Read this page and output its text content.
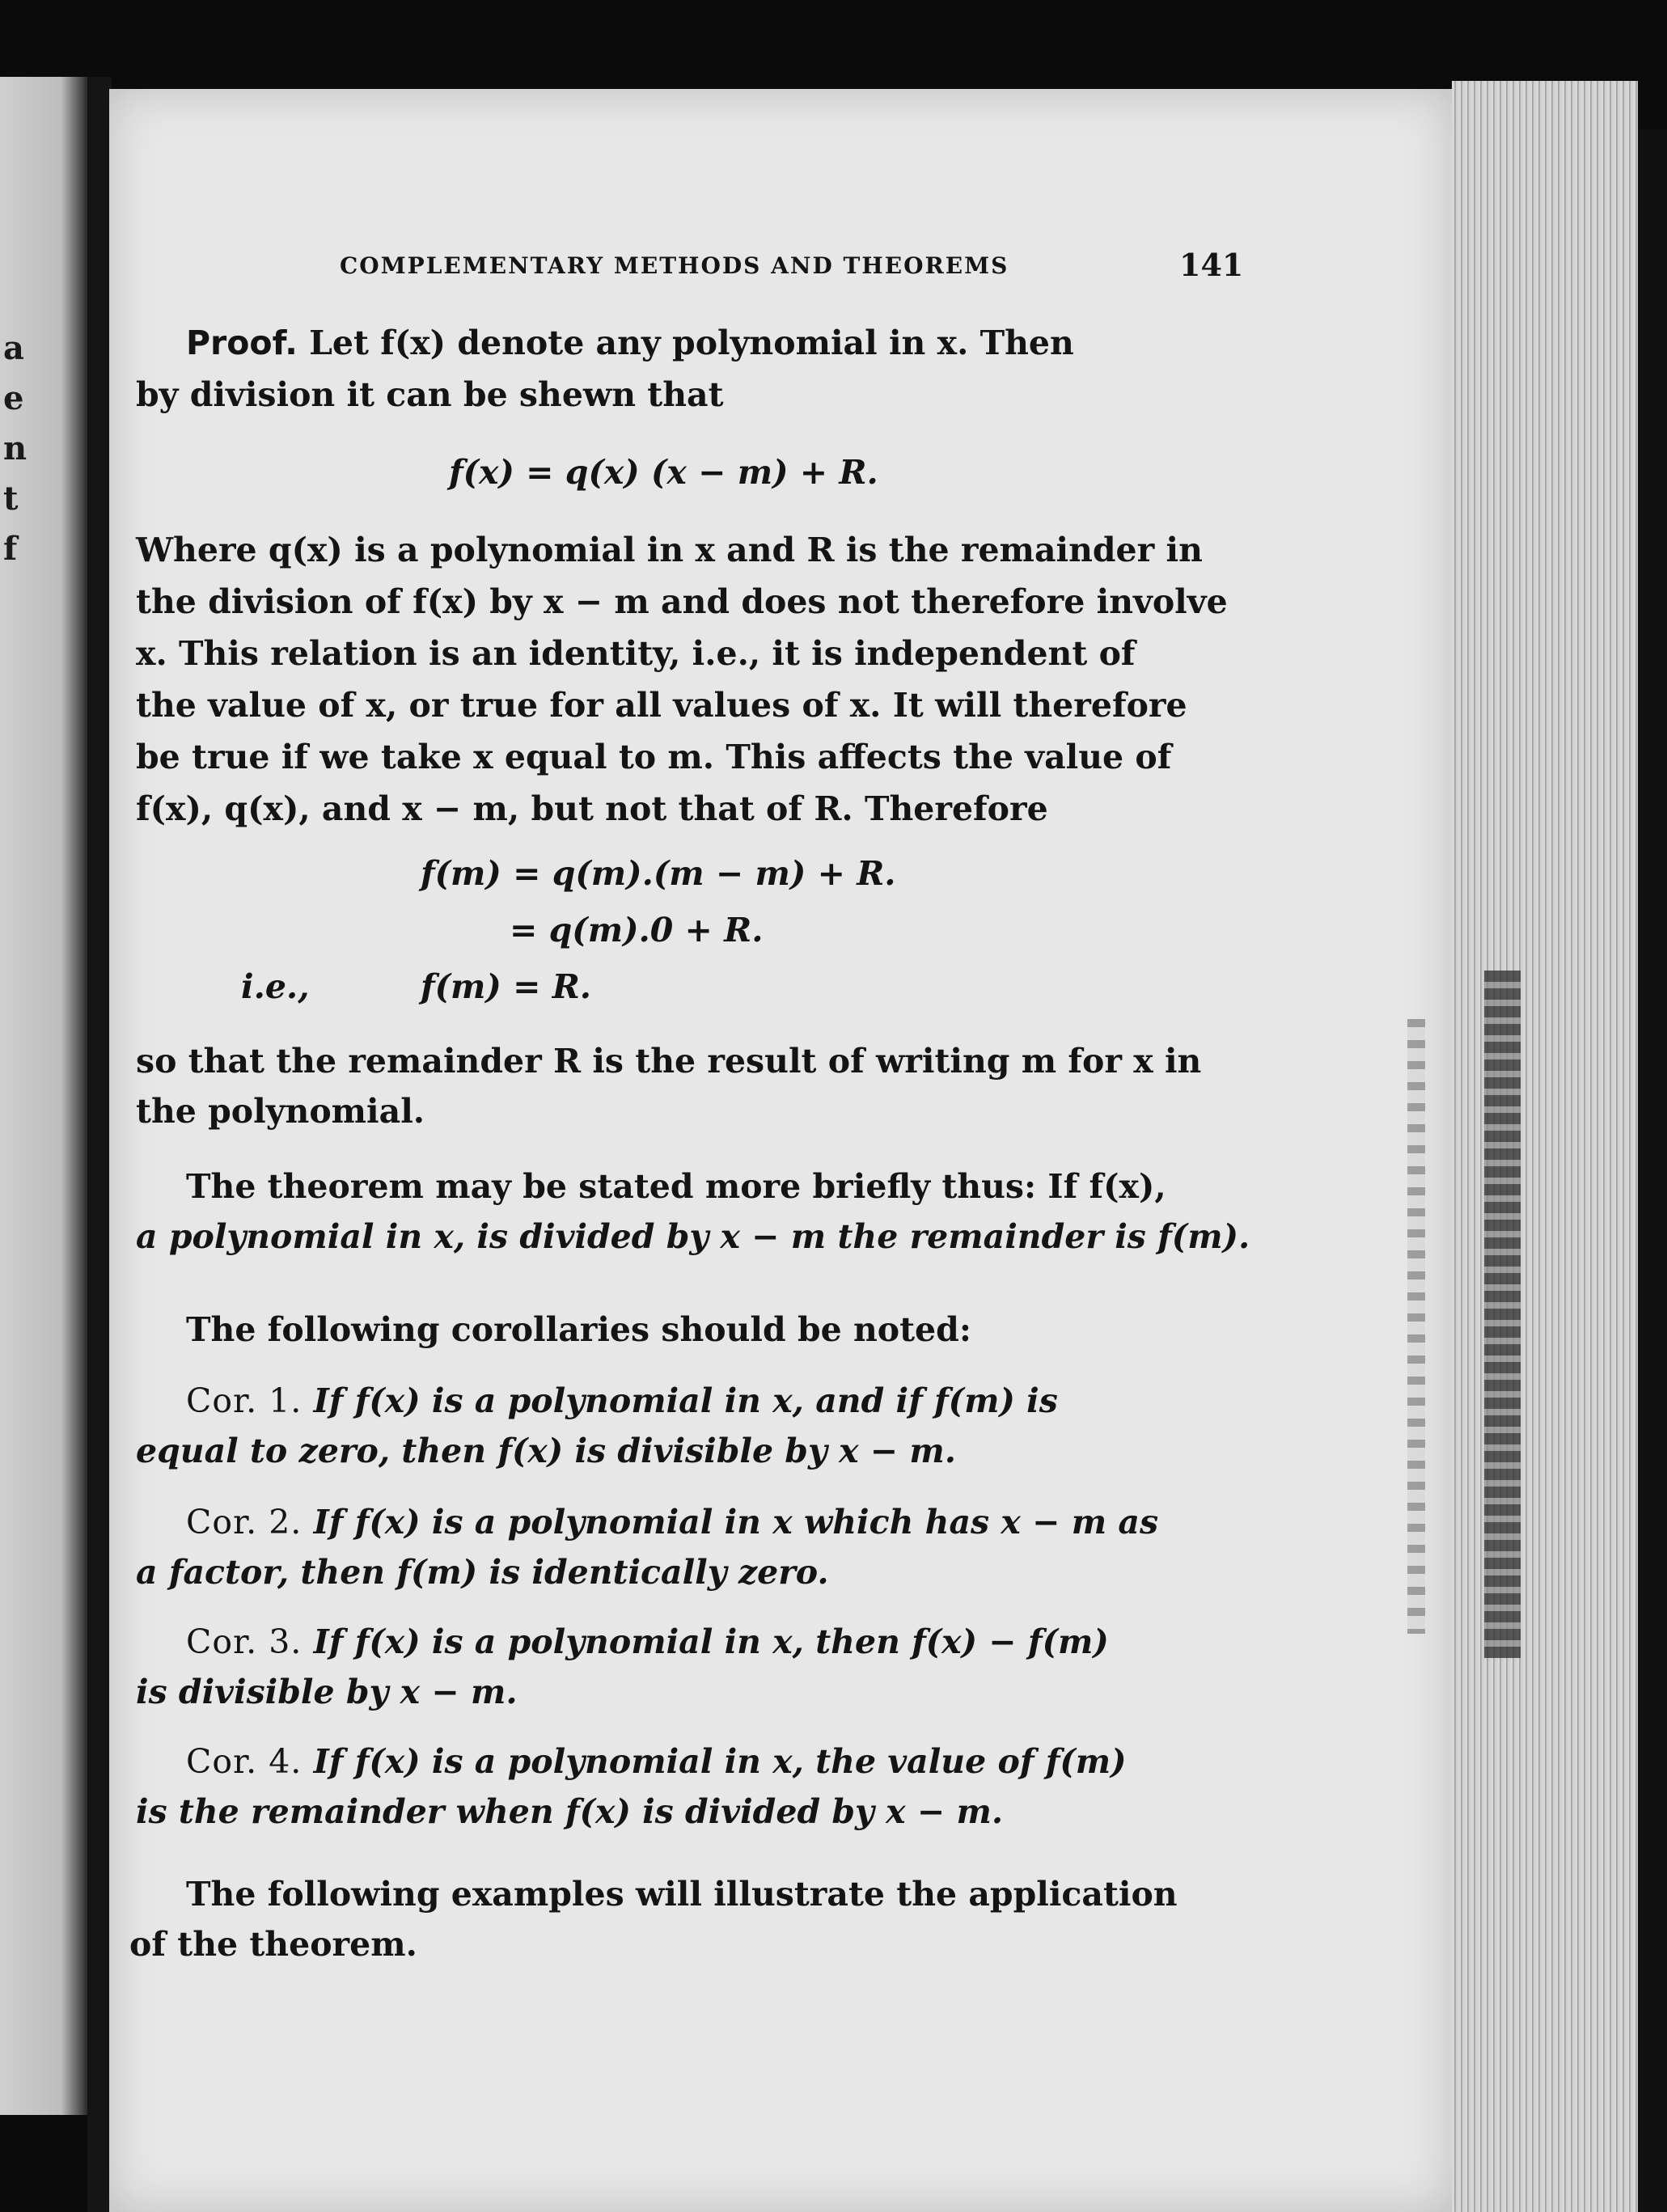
a
e
n
t
f
COMPLEMENTARY METHODS AND THEOREMS	141
Proof. Let f(x) denote any polynomial in x. Then
by division it can be shewn that
f(x) = q(x) (x − m) + R.
Where q(x) is a polynomial in x and R is the remainder in
the division of f(x) by x − m and does not therefore involve
x. This relation is an identity, i.e., it is independent of
the value of x, or true for all values of x. It will therefore
be true if we take x equal to m. This affects the value of
f(x), q(x), and x − m, but not that of R. Therefore
f(m) = q(m).(m − m) + R.
= q(m).0 + R.
i.e.,	f(m) = R.
so that the remainder R is the result of writing m for x in
the polynomial.
The theorem may be stated more briefly thus: If f(x),
a polynomial in x, is divided by x − m the remainder is f(m).
The following corollaries should be noted:
Cor. 1. If f(x) is a polynomial in x, and if f(m) is
equal to zero, then f(x) is divisible by x − m.
Cor. 2. If f(x) is a polynomial in x which has x − m as
a factor, then f(m) is identically zero.
Cor. 3. If f(x) is a polynomial in x, then f(x) − f(m)
is divisible by x − m.
Cor. 4. If f(x) is a polynomial in x, the value of f(m)
is the remainder when f(x) is divided by x − m.
The following examples will illustrate the application
of the theorem.
